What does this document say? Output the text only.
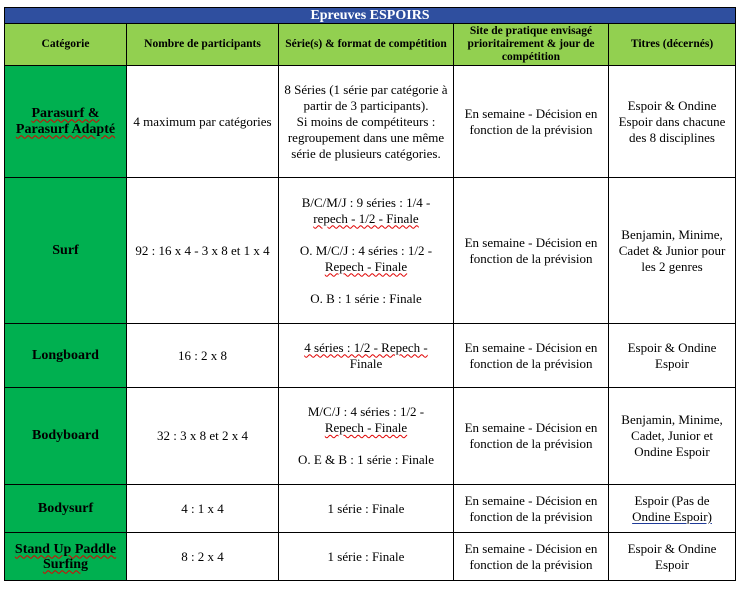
Epreuves ESPOIRS				
Catégorie	Nombre de participants	Série(s) & format de compétition	Site de pratique envisagé prioritairement & jour de compétition	Titres (décernés)
Parasurf & Parasurf Adapté	4 maximum par catégories	8 Séries (1 série par catégorie à partir de 3 participants).
Si moins de compétiteurs : regroupement dans une même série de plusieurs catégories.	En semaine - Décision en fonction de la prévision	Espoir & Ondine Espoir dans chacune des 8 disciplines
Surf	92 : 16 x 4 - 3 x 8 et 1 x 4	B/C/M/J : 9 séries : 1/4 -
repech - 1/2 - Finale
O. M/C/J : 4 séries : 1/2 -
Repech - Finale
O. B : 1 série : Finale	En semaine - Décision en fonction de la prévision	Benjamin, Minime, Cadet & Junior pour les 2 genres
Longboard	16 : 2 x 8	4 séries : 1/2 - Repech -
Finale	En semaine - Décision en fonction de la prévision	Espoir & Ondine Espoir
Bodyboard	32 : 3 x 8 et 2 x 4	M/C/J : 4 séries : 1/2 -
Repech - Finale
O. E & B : 1 série : Finale	En semaine - Décision en fonction de la prévision	Benjamin, Minime, Cadet, Junior et Ondine Espoir
Bodysurf	4 : 1 x 4	1 série : Finale	En semaine - Décision en fonction de la prévision	Espoir (Pas de
Ondine Espoir)
Stand Up Paddle Surfing	8 : 2 x 4	1 série : Finale	En semaine - Décision en fonction de la prévision	Espoir & Ondine Espoir
